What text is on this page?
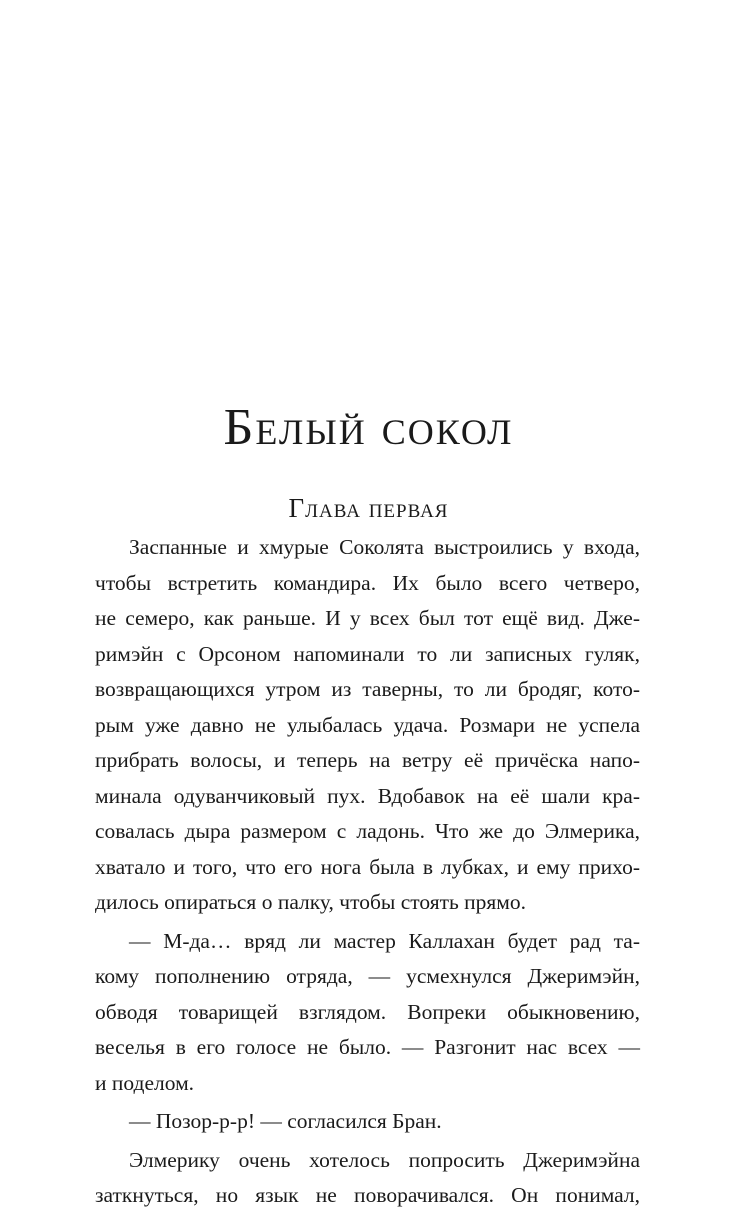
Белый сокол
Глава первая
Заспанные и хмурые Соколята выстроились у входа,
чтобы встретить командира. Их было всего четверо,
не семеро, как раньше. И у всех был тот ещё вид. Дже-
римэйн с Орсоном напоминали то ли записных гуляк,
возвращающихся утром из таверны, то ли бродяг, кото-
рым уже давно не улыбалась удача. Розмари не успела
прибрать волосы, и теперь на ветру её причёска напо-
минала одуванчиковый пух. Вдобавок на её шали кра-
совалась дыра размером с ладонь. Что же до Элмерика,
хватало и того, что его нога была в лубках, и ему прихо-
дилось опираться о палку, чтобы стоять прямо.
— М-да… вряд ли мастер Каллахан будет рад та-
кому пополнению отряда, — усмехнулся Джеримэйн,
обводя товарищей взглядом. Вопреки обыкновению,
веселья в его голосе не было. — Разгонит нас всех —
и поделом.
— Позор-р-р! — согласился Бран.
Элмерику очень хотелось попросить Джеримэйна
заткнуться, но язык не поворачивался. Он понимал,
